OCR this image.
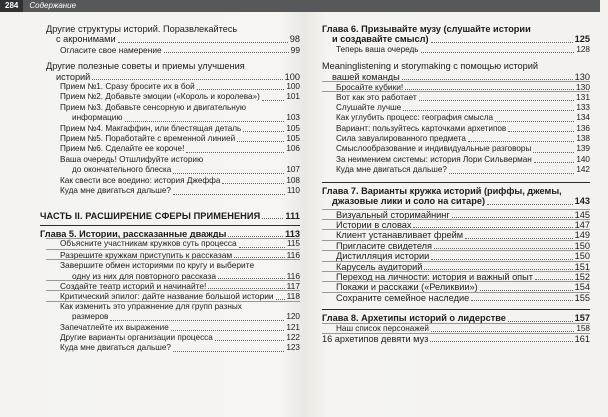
284	Содержание
Другие структуры историй. Поразвлекайтесь
с акронимами	98
Огласите свое намерение	99
Другие полезные советы и приемы улучшения
историй	100
Прием №1. Сразу бросите их в бой	100
Прием №2. Добавьте эмоции («Король и королева»)	101
Прием №3. Добавьте сенсорную и двигательную
информацию	103
Прием №4. Макгаффин, или блестящая деталь	105
Прием №5. Поработайте с временной линией	105
Прием №6. Сделайте ее короче!	106
Ваша очередь! Отшлифуйте историю
до окончательного блеска	107
Как свести все воедино: история Джеффа	108
Куда мне двигаться дальше?	110
ЧАСТЬ II. РАСШИРЕНИЕ СФЕРЫ ПРИМЕНЕНИЯ	111
Глава 5. Истории, рассказанные дважды	113
Объясните участникам кружков суть процесса	115
Разрешите кружкам приступить к рассказам	116
Завершите обмен историями по кругу и выберите
одну из них для повторного рассказа	116
Создайте театр историй и начинайте!	117
Критический эпилог: дайте название большой истории 118
Как изменить это упражнение для групп разных
размеров	120
Запечатлейте их выражение	121
Другие варианты организации процесса	122
Куда мне двигаться дальше?	123
Глава 6. Призывайте музу (слушайте истории
и создавайте смысл)	125
Теперь ваша очередь	128
Meaninglistening и storymaking с помощью историй
вашей команды	130
Бросайте кубики!	130
Вот как это работает	131
Слушайте лучше	133
Как углубить процесс: география смысла	134
Вариант: пользуйтесь карточками архетипов	136
Сила завуалированного предмета	138
Смыслообразование и индивидуальные разговоры	139
За неимением системы: история Лори Сильверман	140
Куда мне двигаться дальше?	142
Глава 7. Варианты кружка историй (риффы, джемы,
джазовые лики и соло на ситаре)	143
Визуальный сторимайнинг	145
Истории в словах	147
Клиент устанавливает фрейм	149
Пригласите свидетеля	150
Дистилляция истории	150
Карусель аудиторий	151
Переход на личности: история и важный опыт	152
Покажи и расскажи («Реликвии»)	154
Сохраните семейное наследие	155
Глава 8. Архетипы историй о лидерстве	157
Наш список персонажей	158
16 архетипов девяти муз	161
